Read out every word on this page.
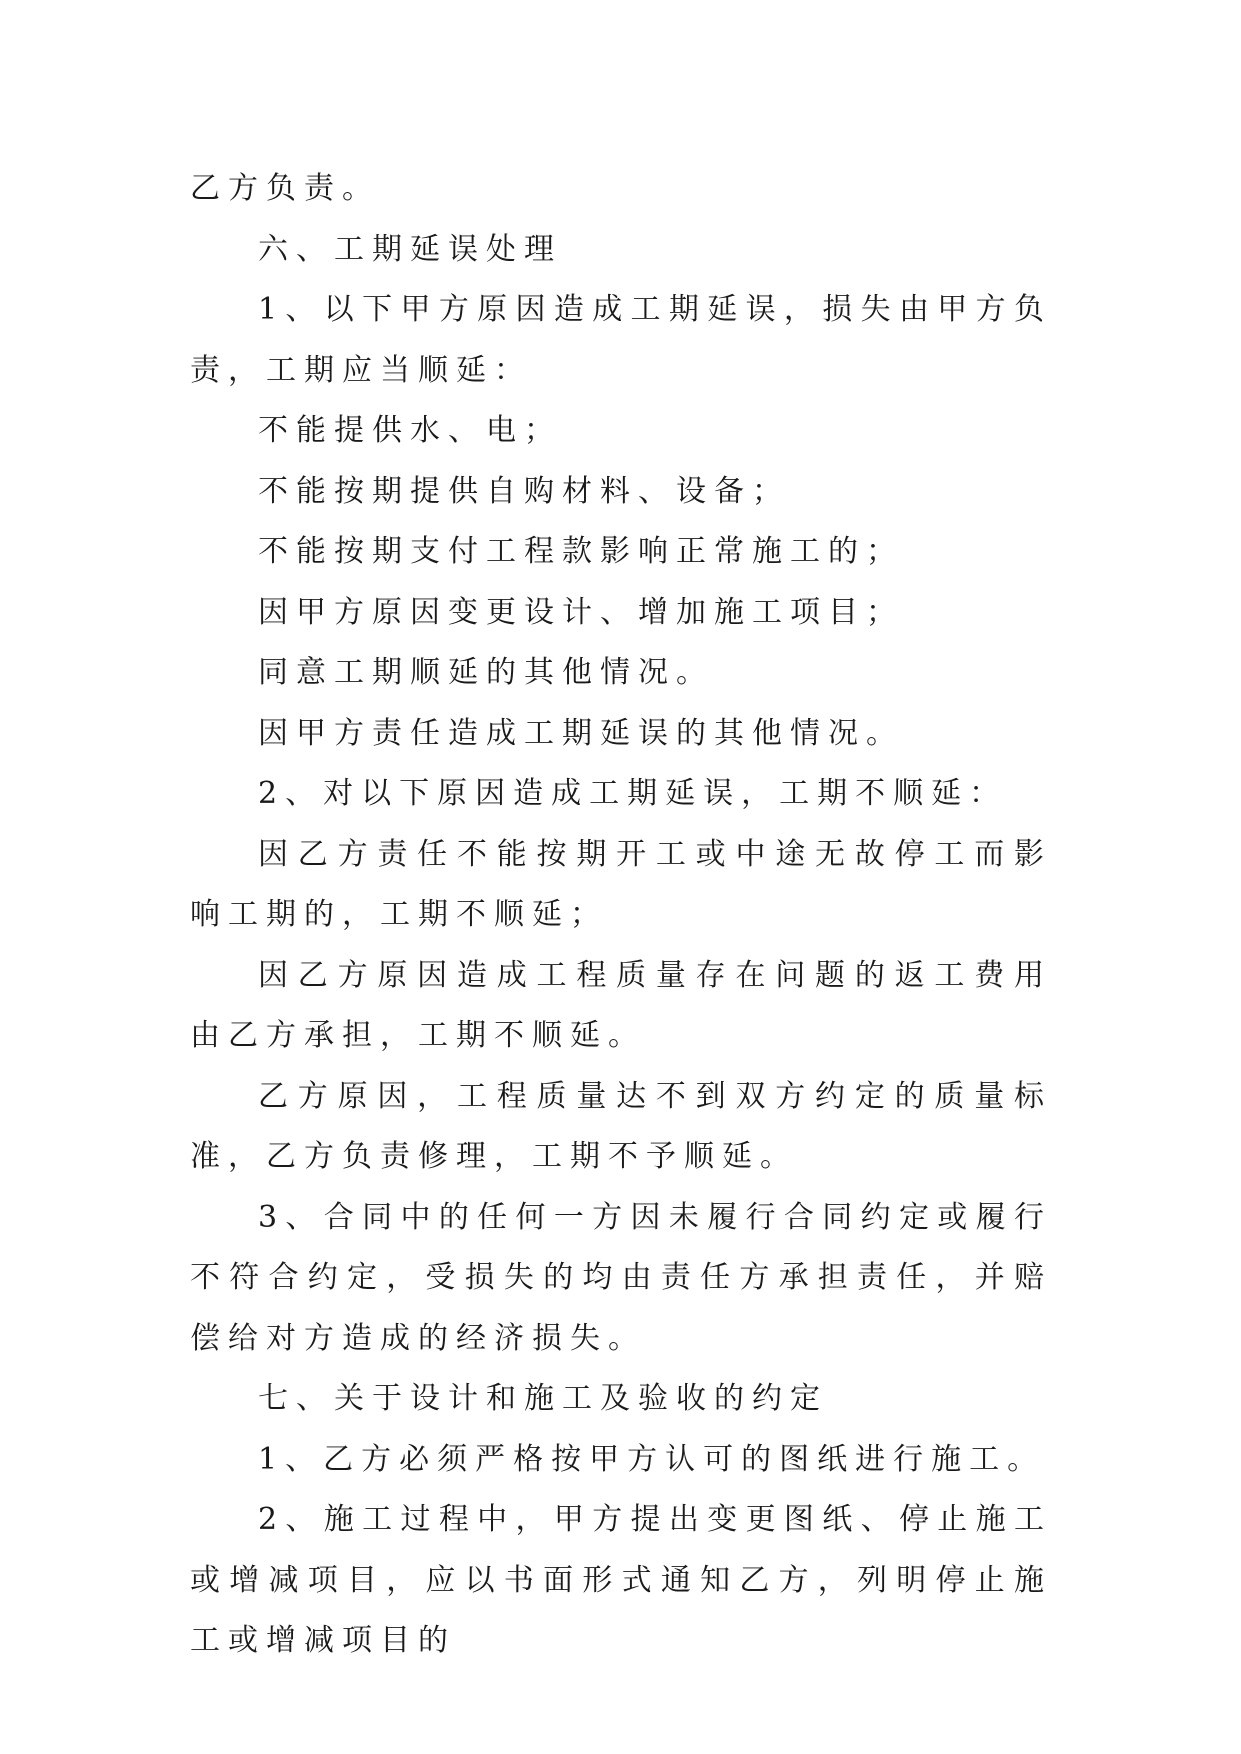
乙方负责。

六、工期延误处理

1、以下甲方原因造成工期延误，损失由甲方负责，工期应当顺延：

不能提供水、电；

不能按期提供自购材料、设备；

不能按期支付工程款影响正常施工的；

因甲方原因变更设计、增加施工项目；

同意工期顺延的其他情况。

因甲方责任造成工期延误的其他情况。

2、对以下原因造成工期延误，工期不顺延：

因乙方责任不能按期开工或中途无故停工而影响工期的，工期不顺延；

因乙方原因造成工程质量存在问题的返工费用由乙方承担，工期不顺延。

乙方原因，工程质量达不到双方约定的质量标准，乙方负责修理，工期不予顺延。

3、合同中的任何一方因未履行合同约定或履行不符合约定，受损失的均由责任方承担责任，并赔偿给对方造成的经济损失。

七、关于设计和施工及验收的约定

1、乙方必须严格按甲方认可的图纸进行施工。

2、施工过程中，甲方提出变更图纸、停止施工或增减项目，应以书面形式通知乙方，列明停止施工或增减项目的
